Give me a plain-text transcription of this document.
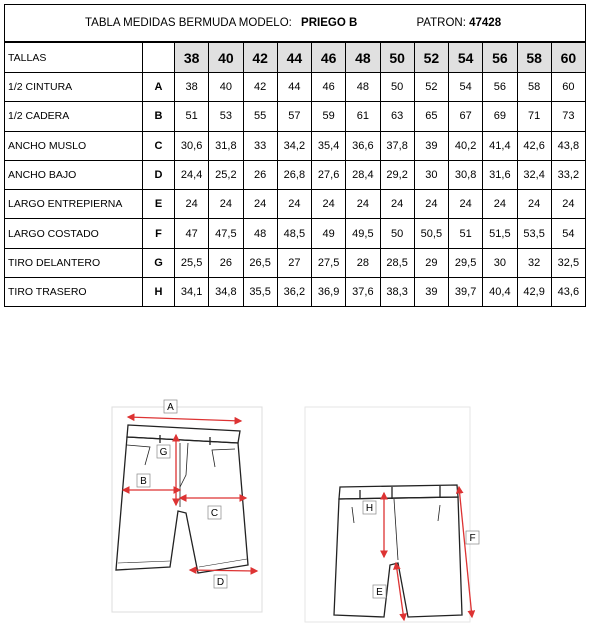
TABLA MEDIDAS BERMUDA MODELO: PRIEGO B PATRON: 47428													
TALLAS		38	40	42	44	46	48	50	52	54	56	58	60
1/2 CINTURA	A	38	40	42	44	46	48	50	52	54	56	58	60
1/2 CADERA	B	51	53	55	57	59	61	63	65	67	69	71	73
ANCHO MUSLO	C	30,6	31,8	33	34,2	35,4	36,6	37,8	39	40,2	41,4	42,6	43,8
ANCHO BAJO	D	24,4	25,2	26	26,8	27,6	28,4	29,2	30	30,8	31,6	32,4	33,2
LARGO ENTREPIERNA	E	24	24	24	24	24	24	24	24	24	24	24	24
LARGO COSTADO	F	47	47,5	48	48,5	49	49,5	50	50,5	51	51,5	53,5	54
TIRO DELANTERO	G	25,5	26	26,5	27	27,5	28	28,5	29	29,5	30	32	32,5
TIRO TRASERO	H	34,1	34,8	35,5	36,2	36,9	37,6	38,3	39	39,7	40,4	42,9	43,6
A
B
C
D
G
H
E
F
